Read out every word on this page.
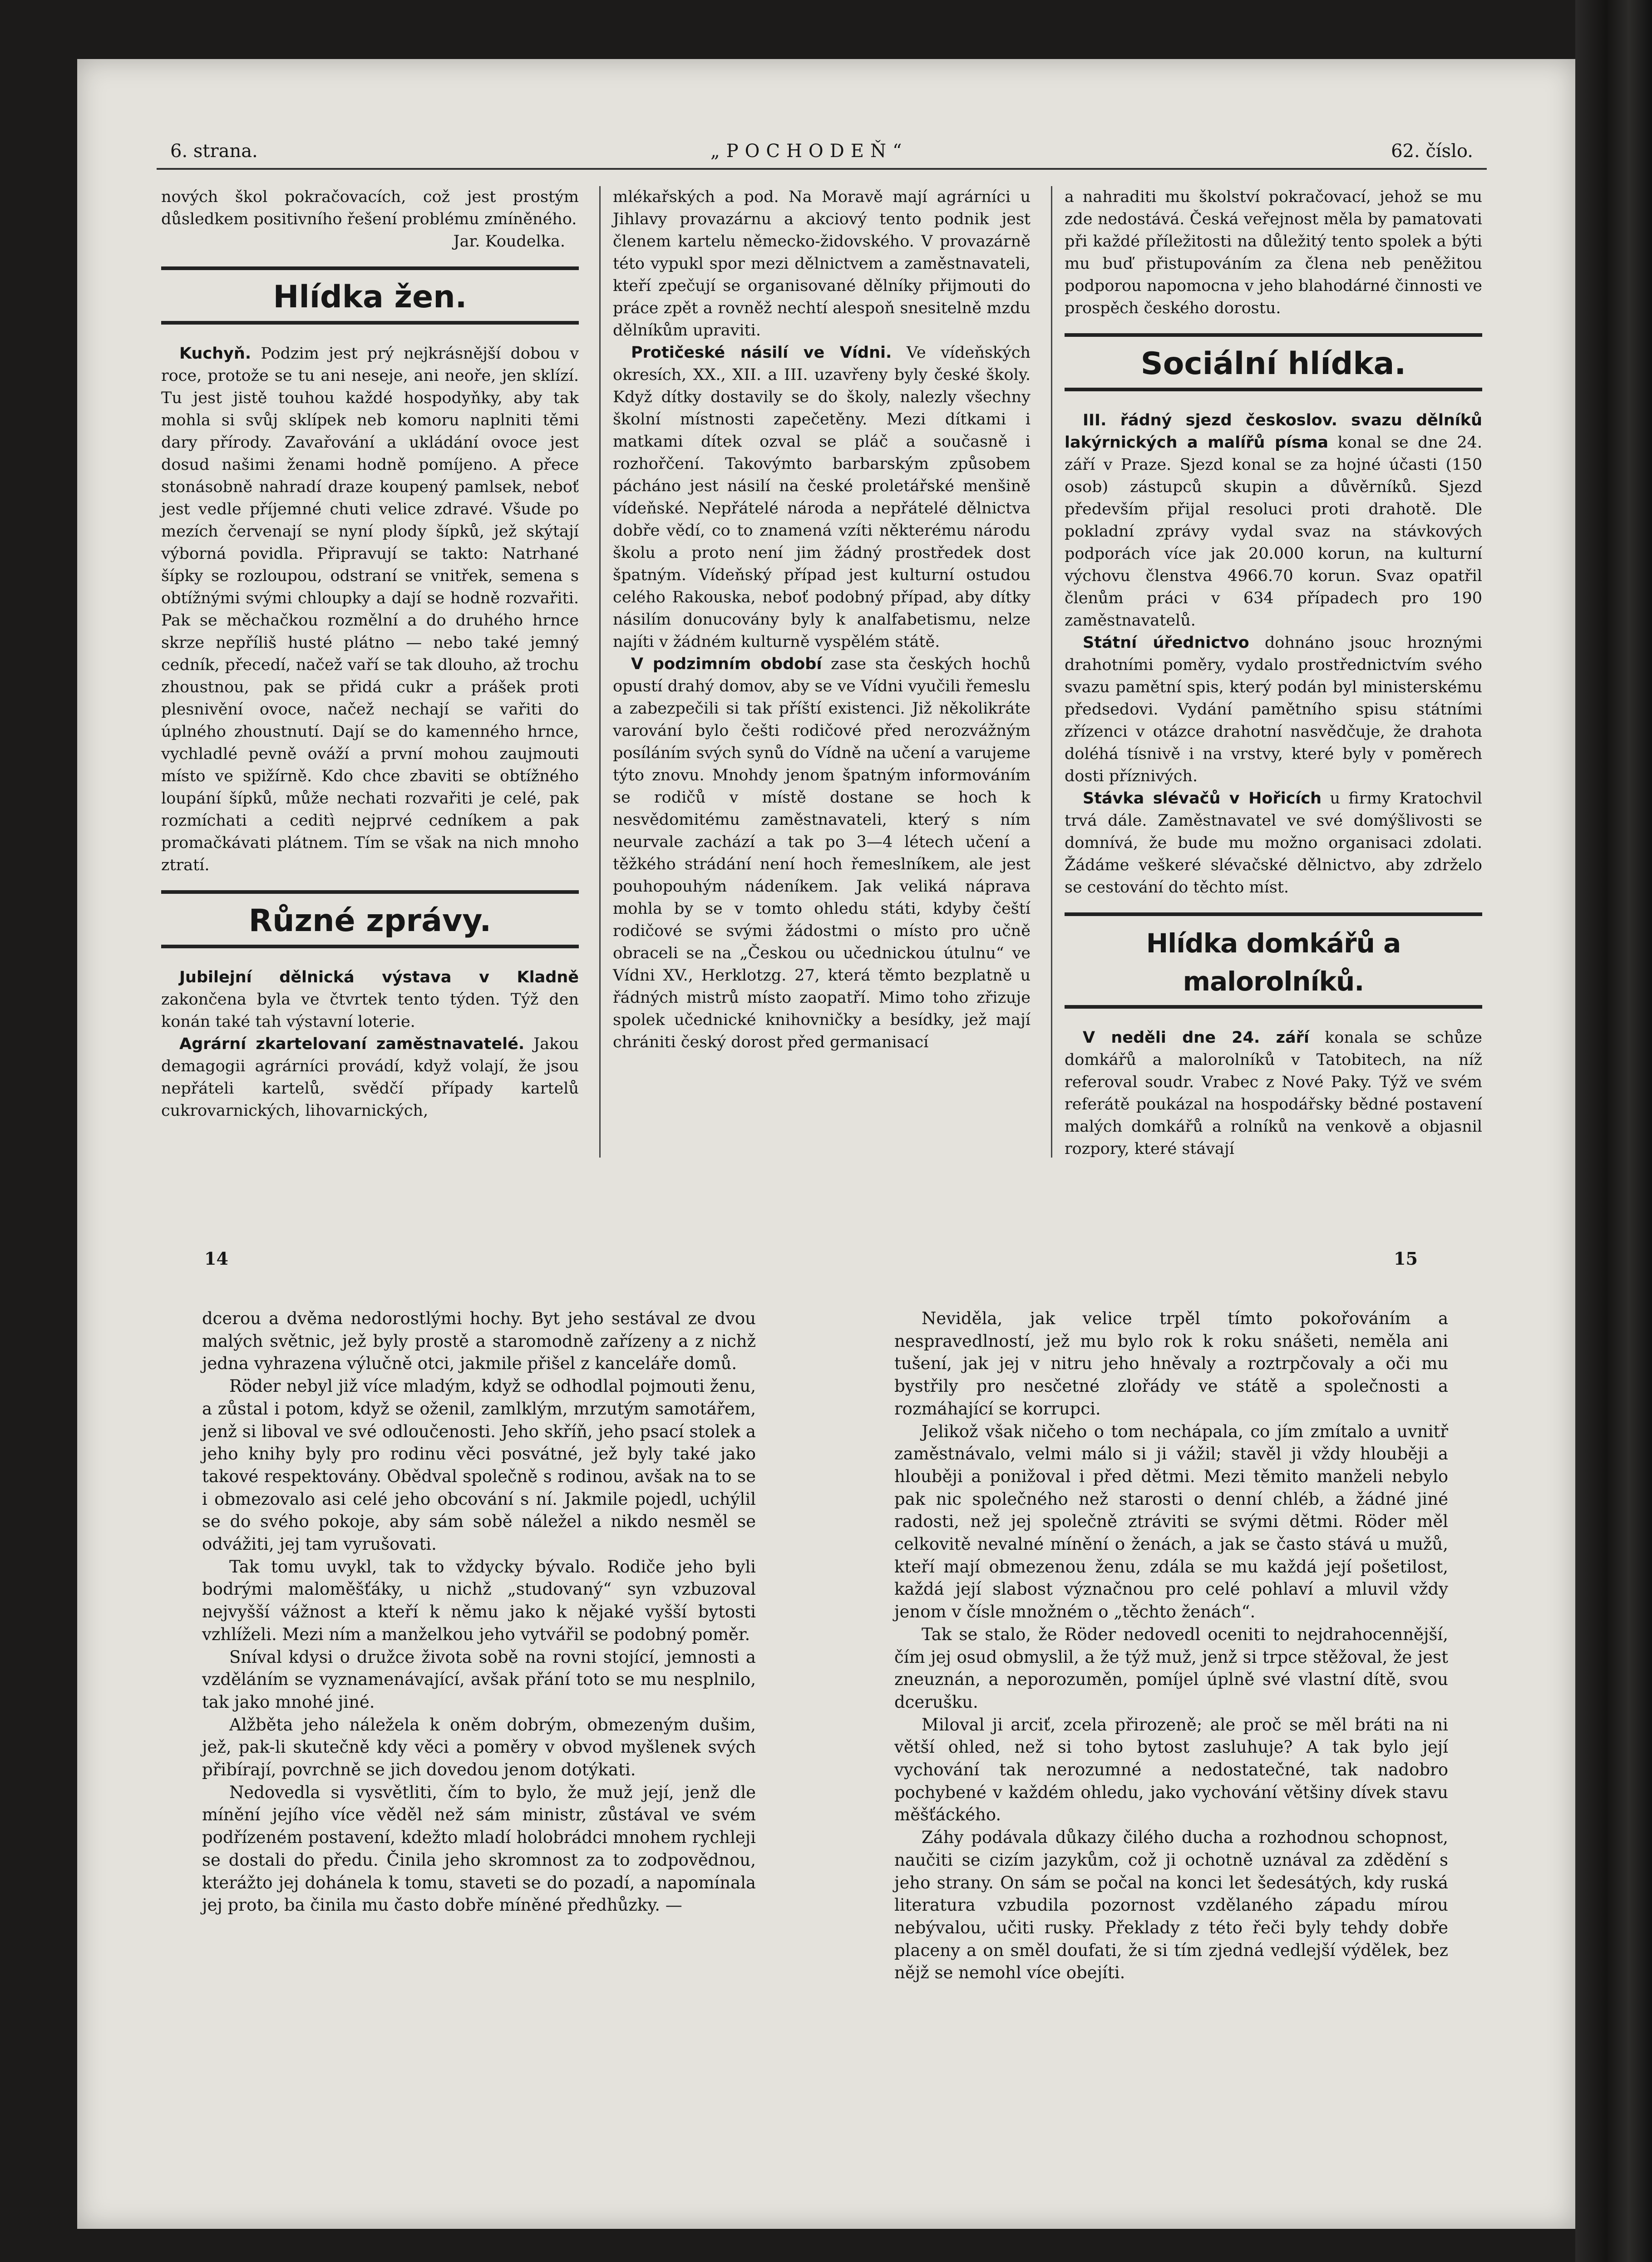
6. strana.	„POCHODEŇ“	62. číslo.

nových škol pokračovacích, což jest prostým důsledkem positivního řešení problému zmíněného.

Jar. Koudelka.

Hlídka žen.

Kuchyň. Podzim jest prý nejkrásnější dobou v roce, protože se tu ani neseje, ani neoře, jen sklízí. Tu jest jistě touhou každé hospodyňky, aby tak mohla si svůj sklípek neb komoru naplniti těmi dary přírody. Zavařování a ukládání ovoce jest dosud našimi ženami hodně pomíjeno. A přece stonásobně nahradí draze koupený pamlsek, neboť jest vedle příjemné chuti velice zdravé. Všude po mezích červenají se nyní plody šípků, jež skýtají výborná povidla. Připravují se takto: Natrhané šípky se rozloupou, odstraní se vnitřek, semena s obtížnými svými chloupky a dají se hodně rozvařiti. Pak se měchačkou rozmělní a do druhého hrnce skrze nepříliš husté plátno — nebo také jemný cedník, přecedí, načež vaří se tak dlouho, až trochu zhoustnou, pak se přidá cukr a prášek proti plesnivění ovoce, načež nechají se vařiti do úplného zhoustnutí. Dají se do kamenného hrnce, vychladlé pevně ováží a první mohou zaujmouti místo ve spižírně. Kdo chce zbaviti se obtížného loupání šípků, může nechati rozvařiti je celé, pak rozmíchati a ceditì nejprvé cedníkem a pak promačkávati plátnem. Tím se však na nich mnoho ztratí.

Různé zprávy.

Jubilejní dělnická výstava v Kladně zakončena byla ve čtvrtek tento týden. Týž den konán také tah výstavní loterie.

Agrární zkartelovaní zaměstnavatelé. Jakou demagogii agrárníci provádí, když volají, že jsou nepřáteli kartelů, svědčí případy kartelů cukrovarnických, lihovarnických,

mlékařských a pod. Na Moravě mají agrárníci u Jihlavy provazárnu a akciový tento podnik jest členem kartelu německo-židovského. V provazárně této vypukl spor mezi dělnictvem a zaměstnavateli, kteří zpečují se organisované dělníky přijmouti do práce zpět a rovněž nechtí alespoň snesitelně mzdu dělníkům upraviti.

Protičeské násilí ve Vídni. Ve vídeňských okresích, XX., XII. a III. uzavřeny byly české školy. Když dítky dostavily se do školy, nalezly všechny školní místnosti zapečetěny. Mezi dítkami i matkami dítek ozval se pláč a současně i rozhořčení. Takovýmto barbarským způsobem pácháno jest násilí na české proletářské menšině vídeňské. Nepřátelé národa a nepřátelé dělnictva dobře vědí, co to znamená vzíti některému národu školu a proto není jim žádný prostředek dost špatným. Vídeňský případ jest kulturní ostudou celého Rakouska, neboť podobný případ, aby dítky násilím donucovány byly k analfabetismu, nelze najíti v žádném kulturně vyspělém státě.

V podzimním období zase sta českých hochů opustí drahý domov, aby se ve Vídni vyučili řemeslu a zabezpečili si tak příští existenci. Již několikráte varování bylo češti rodičové před nerozvážným posíláním svých synů do Vídně na učení a varujeme týto znovu. Mnohdy jenom špatným informováním se rodičů v místě dostane se hoch k nesvědomitému zaměstnavateli, který s ním neurvale zachází a tak po 3—4 létech učení a těžkého strádání není hoch řemeslníkem, ale jest pouhopouhým nádeníkem. Jak veliká náprava mohla by se v tomto ohledu státi, kdyby čeští rodičové se svými žádostmi o místo pro učně obraceli se na „Českou ou učednickou útulnu“ ve Vídni XV., Herklotzg. 27, která těmto bezplatně u řádných mistrů místo zaopatří. Mimo toho zřizuje spolek učednické knihovničky a besídky, jež mají chrániti český dorost před germanisací

a nahraditi mu školství pokračovací, jehož se mu zde nedostává. Česká veřejnost měla by pamatovati při každé příležitosti na důležitý tento spolek a býti mu buď přistupováním za člena neb peněžitou podporou napomocna v jeho blahodárné činnosti ve prospěch českého dorostu.

Sociální hlídka.

III. řádný sjezd českoslov. svazu dělníků lakýrnických a malířů písma konal se dne 24. září v Praze. Sjezd konal se za hojné účasti (150 osob) zástupců skupin a důvěrníků. Sjezd především přijal resoluci proti drahotě. Dle pokladní zprávy vydal svaz na stávkových podporách více jak 20.000 korun, na kulturní výchovu členstva 4966.70 korun. Svaz opatřil členům práci v 634 případech pro 190 zaměstnavatelů.

Státní úřednictvo dohnáno jsouc hroznými drahotními poměry, vydalo prostřednictvím svého svazu pamětní spis, který podán byl ministerskému předsedovi. Vydání pamětního spisu státními zřízenci v otázce drahotní nasvědčuje, že drahota doléhá tísnivě i na vrstvy, které byly v poměrech dosti příznivých.

Stávka slévačů v Hořicích u firmy Kratochvil trvá dále. Zaměstnavatel ve své domýšlivosti se domnívá, že bude mu možno organisaci zdolati. Žádáme veškeré slévačské dělnictvo, aby zdrželo se cestování do těchto míst.

Hlídka domkářů a malorolníků.

V neděli dne 24. září konala se schůze domkářů a malorolníků v Tatobitech, na níž referoval soudr. Vrabec z Nové Paky. Týž ve svém referátě poukázal na hospodářsky bědné postavení malých domkářů a rolníků na venkově a objasnil rozpory, které stávají

14	15

dcerou a dvěma nedorostlými hochy. Byt jeho sestával ze dvou malých světnic, jež byly prostě a staromodně zařízeny a z nichž jedna vyhrazena výlučně otci, jakmile přišel z kanceláře domů.

Röder nebyl již více mladým, když se odhodlal pojmouti ženu, a zůstal i potom, když se oženil, zamlklým, mrzutým samotářem, jenž si liboval ve své odloučenosti. Jeho skříň, jeho psací stolek a jeho knihy byly pro rodinu věci posvátné, jež byly také jako takové respektovány. Obědval společně s rodinou, avšak na to se i obmezovalo asi celé jeho obcování s ní. Jakmile pojedl, uchýlil se do svého pokoje, aby sám sobě náležel a nikdo nesměl se odvážiti, jej tam vyrušovati.

Tak tomu uvykl, tak to vždycky bývalo. Rodiče jeho byli bodrými maloměšťáky, u nichž „studovaný“ syn vzbuzoval nejvyšší vážnost a kteří k němu jako k nějaké vyšší bytosti vzhlíželi. Mezi ním a manželkou jeho vytvářil se podobný poměr.

Sníval kdysi o družce života sobě na rovni stojící, jemnosti a vzděláním se vyznamenávající, avšak přání toto se mu nesplnilo, tak jako mnohé jiné.

Alžběta jeho náležela k oněm dobrým, obmezeným dušim, jež, pak-li skutečně kdy věci a poměry v obvod myšlenek svých přibírají, povrchně se jich dovedou jenom dotýkati.

Nedovedla si vysvětliti, čím to bylo, že muž její, jenž dle mínění jejího více věděl než sám ministr, zůstával ve svém podřízeném postavení, kdežto mladí holobrádci mnohem rychleji se dostali do předu. Činila jeho skromnost za to zodpovědnou, kterážto jej dohánela k tomu, staveti se do pozadí, a napomínala jej proto, ba činila mu často dobře míněné předhůzky. —

Neviděla, jak velice trpěl tímto pokořováním a nespravedlností, jež mu bylo rok k roku snášeti, neměla ani tušení, jak jej v nitru jeho hněvaly a roztrpčovaly a oči mu bystřily pro nesčetné zlořády ve státě a společnosti a rozmáhající se korrupci.

Jelikož však ničeho o tom nechápala, co jím zmítalo a uvnitř zaměstnávalo, velmi málo si ji vážil; stavěl ji vždy hlouběji a hlouběji a ponižoval i před dětmi. Mezi těmito manželi nebylo pak nic společného než starosti o denní chléb, a žádné jiné radosti, než jej společně ztráviti se svými dětmi. Röder měl celkovitě nevalné mínění o ženách, a jak se často stává u mužů, kteří mají obmezenou ženu, zdála se mu každá její pošetilost, každá její slabost význačnou pro celé pohlaví a mluvil vždy jenom v čísle množném o „těchto ženách“.

Tak se stalo, že Röder nedovedl oceniti to nejdrahocennější, čím jej osud obmyslil, a že týž muž, jenž si trpce stěžoval, že jest zneuznán, a neporozuměn, pomíjel úplně své vlastní dítě, svou dcerušku.

Miloval ji arciť, zcela přirozeně; ale proč se měl bráti na ni větší ohled, než si toho bytost zasluhuje? A tak bylo její vychování tak nerozumné a nedostatečné, tak nadobro pochybené v každém ohledu, jako vychování většiny dívek stavu měšťáckého.

Záhy podávala důkazy čilého ducha a rozhodnou schopnost, naučiti se cizím jazykům, což ji ochotně uznával za zdědění s jeho strany. On sám se počal na konci let šedesátých, kdy ruská literatura vzbudila pozornost vzdělaného západu mírou nebývalou, učiti rusky. Překlady z této řeči byly tehdy dobře placeny a on směl doufati, že si tím zjedná vedlejší výdělek, bez nějž se nemohl více obejíti.
